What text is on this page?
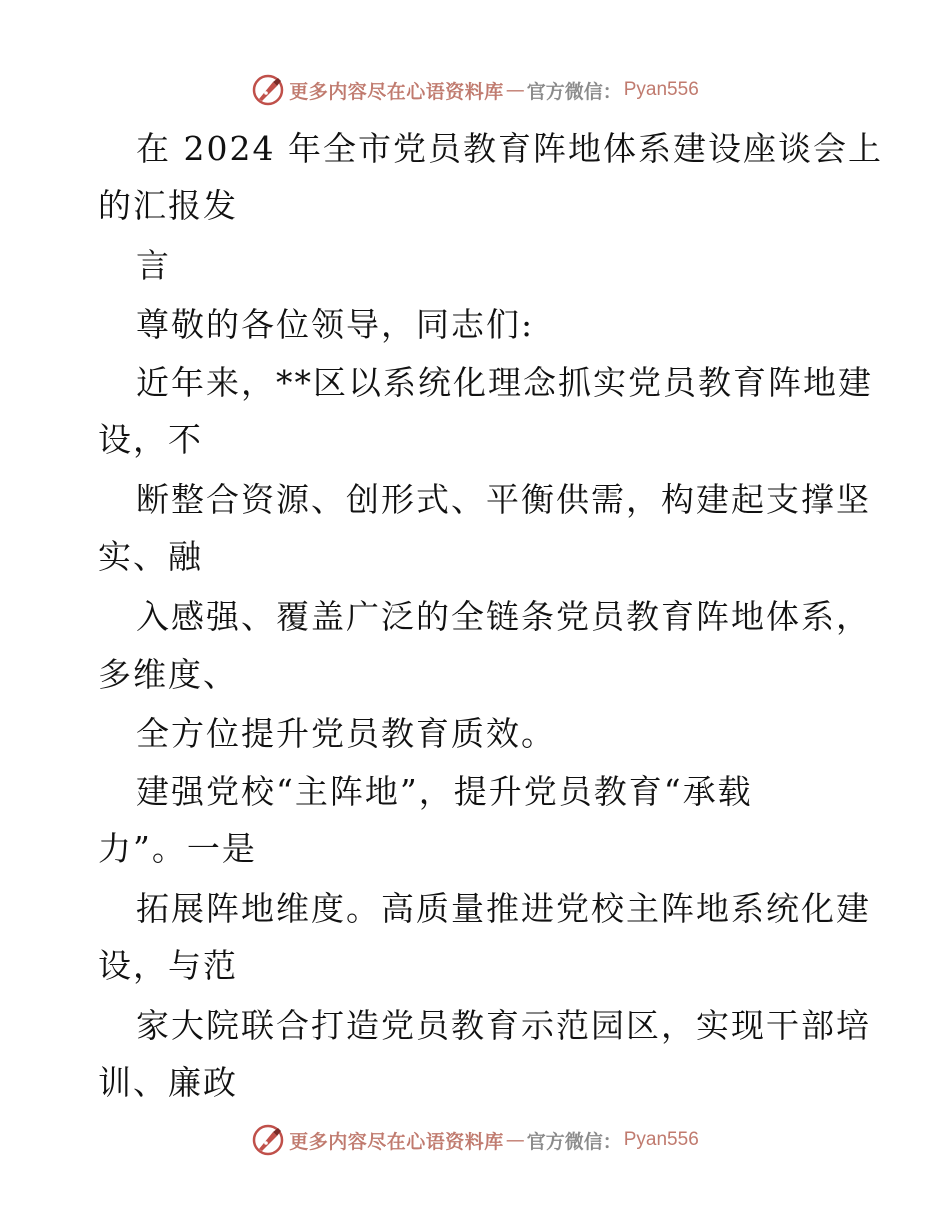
更多内容尽在心语资料库 — 官方微信： Pyan556
在 2024 年全市党员教育阵地体系建设座谈会上
的汇报发
言
尊敬的各位领导，同志们:
近年来，**区以系统化理念抓实党员教育阵地建
设，不
断整合资源、创形式、平衡供需，构建起支撑坚
实、融
入感强、覆盖广泛的全链条党员教育阵地体系，
多维度、
全方位提升党员教育质效。
建强党校“主阵地”，提升党员教育“承载
力”。一是
拓展阵地维度。高质量推进党校主阵地系统化建
设，与范
家大院联合打造党员教育示范园区，实现干部培
训、廉政
更多内容尽在心语资料库 — 官方微信： Pyan556
